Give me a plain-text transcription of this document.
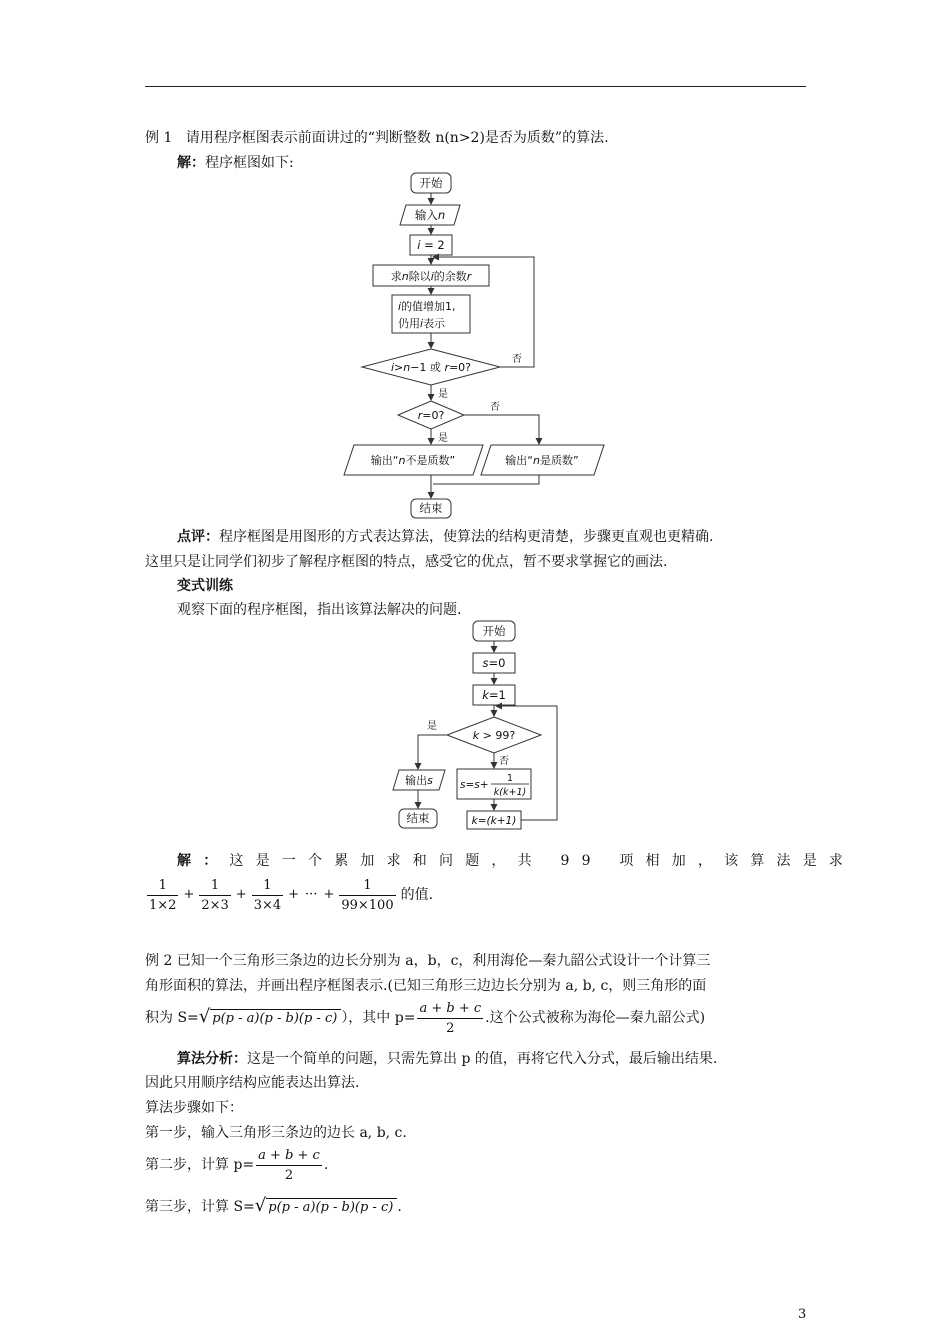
例 1 请用程序框图表示前面讲过的“判断整数 n(n>2)是否为质数”的算法.
解：程序框图如下:
开始
输入n
i = 2
求n除以i的余数r
i的值增加1,
仍用i表示
i>n−1 或 r=0?
否
是
r=0?
否
是
输出“n不是质数”	输出“n是质数”
结束
点评：程序框图是用图形的方式表达算法，使算法的结构更清楚，步骤更直观也更精确.
这里只是让同学们初步了解程序框图的特点，感受它的优点，暂不要求掌握它的画法.
变式训练
观察下面的程序框图，指出该算法解决的问题.
开始
s=0
k=1
k > 99?
是
否
输出s	s=s+
1
k(k+1)
k=(k+1)
结束
解：这是一个累加求和问题，共 99 项相加，该算法是求
$\frac{1}{1\times 2} + \frac{1}{2\times 3} + \frac{1}{3\times 4}$ + ··· + $\frac{1}{99\times 100}$ 的值.
例 2 已知一个三角形三条边的边长分别为 a，b，c，利用海伦—秦九韶公式设计一个计算三
角形面积的算法，并画出程序框图表示.(已知三角形三边边长分别为 a, b, c，则三角形的面
积为 S= √ p(p - a)(p - b)(p - c) ），其中 $p= \frac{a + b + c}{2}$ .这个公式被称为海伦—秦九韶公式)
算法分析：这是一个简单的问题，只需先算出 p 的值，再将它代入分式，最后输出结果.
因此只用顺序结构应能表达出算法.
算法步骤如下：
第一步，输入三角形三条边的边长 a, b, c.
第二步，计算 $p= \frac{a + b + c}{2}$ .
第三步，计算 S= √ p(p - a)(p - b)(p - c) .
3
